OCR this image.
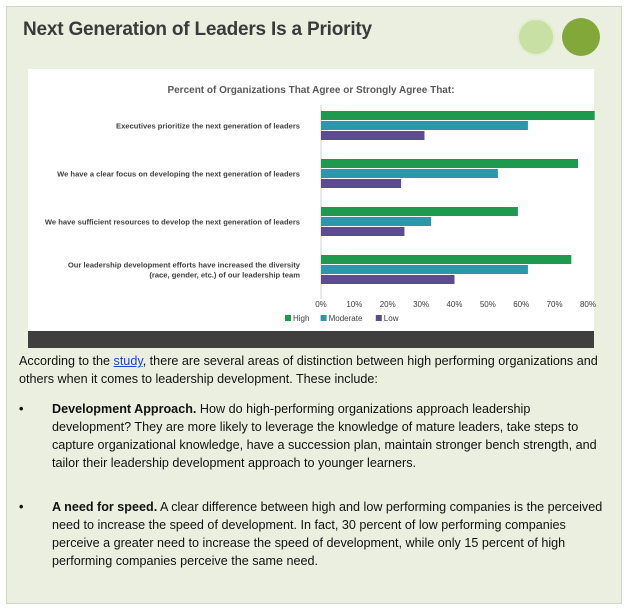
Next Generation of Leaders Is a Priority
Percent of Organizations That Agree or Strongly Agree That:
0% 10% 20% 30% 40% 50% 60% 70% 80%
Executives prioritize the next generation of leaders
We have a clear focus on developing the next generation of leaders
We have sufficient resources to develop the next generation of leaders
Our leadership development efforts have increased the diversity
(race, gender, etc.) of our leadership team
High Moderate	Low
According to the study, there are several areas of distinction between high performing organizations and others when it comes to leadership development. These include:
• Development Approach. How do high-performing organizations approach leadership development? They are more likely to leverage the knowledge of mature leaders, take steps to capture organizational knowledge, have a succession plan, maintain stronger bench strength, and tailor their leadership development approach to younger learners.
• A need for speed. A clear difference between high and low performing companies is the perceived need to increase the speed of development. In fact, 30 percent of low performing companies perceive a greater need to increase the speed of development, while only 15 percent of high performing companies perceive the same need.
